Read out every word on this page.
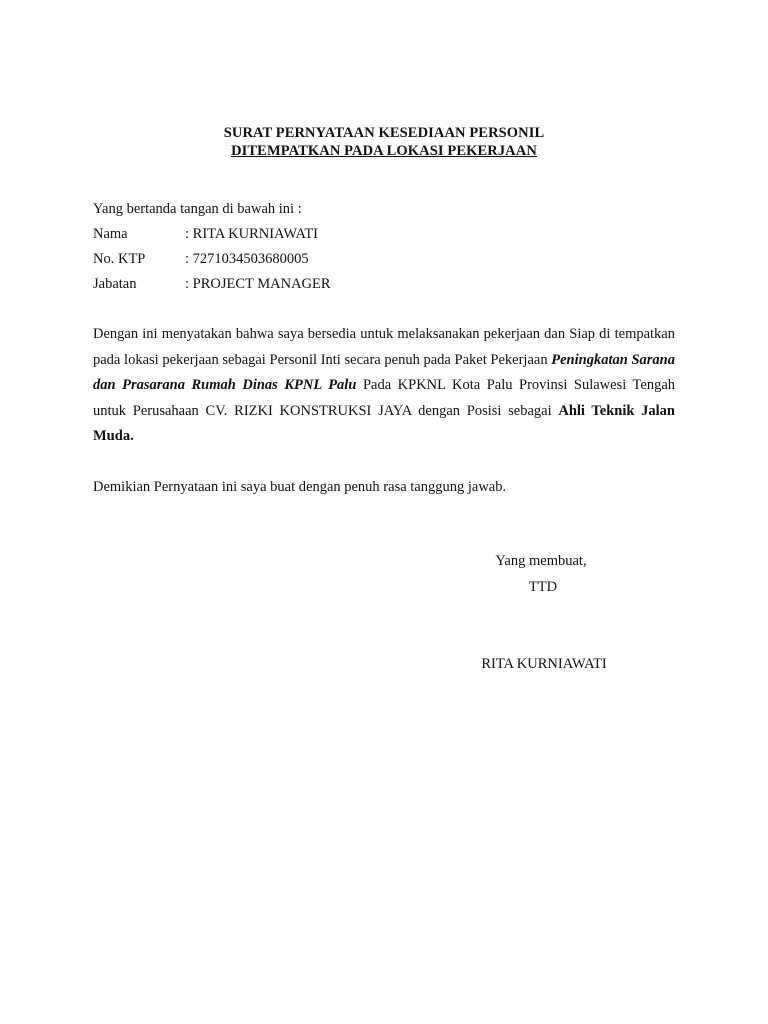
SURAT PERNYATAAN KESEDIAAN PERSONIL
DITEMPATKAN PADA LOKASI PEKERJAAN
Yang bertanda tangan di bawah ini :
Nama	: RITA KURNIAWATI
No. KTP	: 7271034503680005
Jabatan	: PROJECT MANAGER
Dengan ini menyatakan bahwa saya bersedia untuk melaksanakan pekerjaan dan Siap di tempatkan pada lokasi pekerjaan sebagai Personil Inti secara penuh pada Paket Pekerjaan Peningkatan Sarana dan Prasarana Rumah Dinas KPNL Palu Pada KPKNL Kota Palu Provinsi Sulawesi Tengah untuk Perusahaan CV. RIZKI KONSTRUKSI JAYA dengan Posisi sebagai Ahli Teknik Jalan Muda.
Demikian Pernyataan ini saya buat dengan penuh rasa tanggung jawab.
Yang membuat,
TTD
RITA KURNIAWATI
